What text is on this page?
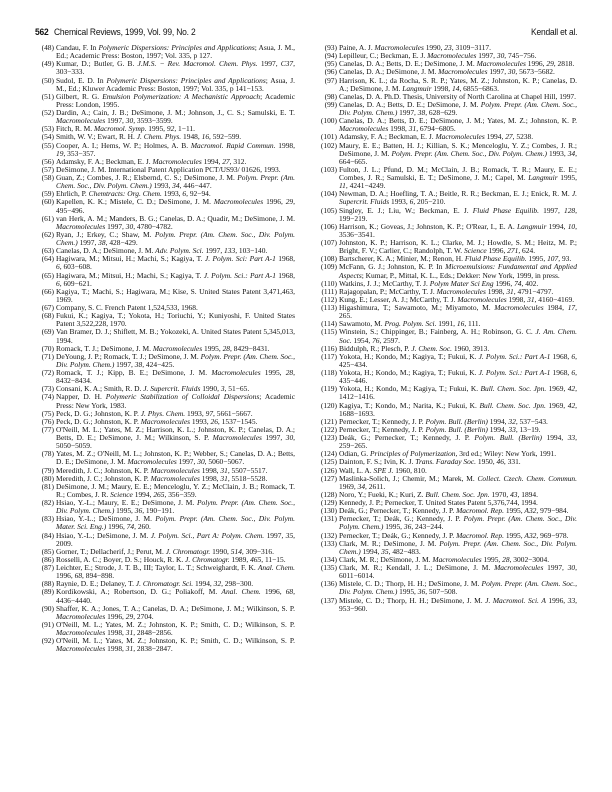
562 Chemical Reviews, 1999, Vol. 99, No. 2	Kendall et al.
(48) Candau, F. In Polymeric Dispersions: Principles and Applications; Asua, J. M., Ed.; Academic Press: Boston, 1997; Vol. 335, p 127.
(49) Kumar, D.; Butler, G. B. J.M.S. − Rev. Macromol. Chem. Phys. 1997, C37, 303−333.
(50) Sudol, E. D. In Polymeric Dispersions: Principles and Applications; Asua, J. M., Ed.; Kluwer Academic Press: Boston, 1997; Vol. 335, p 141−153.
(51) Gilbert, R. G. Emulsion Polymerization: A Mechanistic Approach; Academic Press: London, 1995.
(52) Dardin, A.; Cain, J. B.; DeSimone, J. M.; Johnson, J., C. S.; Samulski, E. T. Macromolecules 1997, 30, 3593−3599.
(53) Fitch, R. M. Macromol. Symp. 1995, 92, 1−11.
(54) Smith, W. V.; Ewart, R. H. J. Chem. Phys. 1948, 16, 592−599.
(55) Cooper, A. I.; Hems, W. P.; Holmes, A. B. Macromol. Rapid Commun. 1998, 19, 353−357.
(56) Adamsky, F. A.; Beckman, E. J. Macromolecules 1994, 27, 312.
(57) DeSimone, J. M. International Patent Application PCT/US93/ 01626, 1993.
(58) Guan, Z.; Combes, J. R.; Elsbernd, C. S.; DeSimone, J. M. Polym. Prepr. (Am. Chem. Soc., Div. Polym. Chem.) 1993, 34, 446−447.
(59) Ehrlich, P. Chemtracts: Org. Chem. 1993, 6, 92−94.
(60) Kapellen, K. K.; Mistele, C. D.; DeSimone, J. M. Macromolecules 1996, 29, 495−496.
(61) van Herk, A. M.; Manders, B. G.; Canelas, D. A.; Quadir, M.; DeSimone, J. M. Macromolecules 1997, 30, 4780−4782.
(62) Ryan, J.; Erkey, C.; Shaw, M. Polym. Prepr. (Am. Chem. Soc., Div. Polym. Chem.) 1997, 38, 428−429.
(63) Canelas, D. A.; DeSimone, J. M. Adv. Polym. Sci. 1997, 133, 103−140.
(64) Hagiwara, M.; Mitsui, H.; Machi, S.; Kagiya, T. J. Polym. Sci: Part A-1 1968, 6, 603−608.
(65) Hagiwara, M.; Mitsui, H.; Machi, S.; Kagiya, T. J. Polym. Sci.: Part A-1 1968, 6, 609−621.
(66) Kagiya, T.; Machi, S.; Hagiwara, M.; Kise, S. United States Patent 3,471,463, 1969.
(67) Company, S. C. French Patent 1,524,533, 1968.
(68) Fukui, K.; Kagiya, T.; Yokota, H.; Toriuchi, Y.; Kuniyoshi, F. United States Patent 3,522,228, 1970.
(69) Van Bramer, D. J.; Shiflett, M. B.; Yokozeki, A. United States Patent 5,345,013, 1994.
(70) Romack, T. J.; DeSimone, J. M. Macromolecules 1995, 28, 8429−8431.
(71) DeYoung, J. P.; Romack, T. J.; DeSimone, J. M. Polym. Prepr. (Am. Chem. Soc., Div. Polym. Chem.) 1997, 38, 424−425.
(72) Romack, T. J.; Kipp, B. E.; DeSimone, J. M. Macromolecules 1995, 28, 8432−8434.
(73) Consani, K. A.; Smith, R. D. J. Supercrit. Fluids 1990, 3, 51−65.
(74) Napper, D. H. Polymeric Stabilization of Colloidal Dispersions; Academic Press: New York, 1983.
(75) Peck, D. G.; Johnston, K. P. J. Phys. Chem. 1993, 97, 5661−5667.
(76) Peck, D. G.; Johnston, K. P. Macromolecules 1993, 26, 1537−1545.
(77) O'Neill, M. L.; Yates, M. Z.; Harrison, K. L.; Johnston, K. P.; Canelas, D. A.; Betts, D. E.; DeSimone, J. M.; Wilkinson, S. P. Macromolecules 1997, 30, 5050−5059.
(78) Yates, M. Z.; O'Neill, M. L.; Johnston, K. P.; Webber, S.; Canelas, D. A.; Betts, D. E.; DeSimone, J. M. Macromolecules 1997, 30, 5060−5067.
(79) Meredith, J. C.; Johnston, K. P. Macromolecules 1998, 31, 5507−5517.
(80) Meredith, J. C.; Johnston, K. P. Macromolecules 1998, 31, 5518−5528.
(81) DeSimone, J. M.; Maury, E. E.; Menceloglu, Y. Z.; McClain, J. B.; Romack, T. R.; Combes, J. R. Science 1994, 265, 356−359.
(82) Hsiao, Y.-L.; Maury, E. E.; DeSimone, J. M. Polym. Prepr. (Am. Chem. Soc., Div. Polym. Chem.) 1995, 36, 190−191.
(83) Hsiao, Y.-L.; DeSimone, J. M. Polym. Prepr. (Am. Chem. Soc., Div. Polym. Mater. Sci. Eng.) 1996, 74, 260.
(84) Hsiao, Y.-L.; DeSimone, J. M. J. Polym. Sci., Part A: Polym. Chem. 1997, 35, 2009.
(85) Gorner, T.; Dellacherif, J.; Perut, M. J. Chromatogr. 1990, 514, 309−316.
(86) Rosselli, A. C.; Boyer, D. S.; Houck, R. K. J. Chromatogr. 1989, 465, 11−15.
(87) Leichter, E.; Strode, J. T. B., III; Taylor, L. T.; Schweighardt, F. K. Anal. Chem. 1996, 68, 894−898.
(88) Raynie, D. E.; Delaney, T. J. Chromatogr. Sci. 1994, 32, 298−300.
(89) Kordikowski, A.; Robertson, D. G.; Poliakoff, M. Anal. Chem. 1996, 68, 4436−4440.
(90) Shaffer, K. A.; Jones, T. A.; Canelas, D. A.; DeSimone, J. M.; Wilkinson, S. P. Macromolecules 1996, 29, 2704.
(91) O'Neill, M. L.; Yates, M. Z.; Johnston, K. P.; Smith, C. D.; Wilkinson, S. P. Macromolecules 1998, 31, 2848−2856.
(92) O'Neill, M. L.; Yates, M. Z.; Johnston, K. P.; Smith, C. D.; Wilkinson, S. P. Macromolecules 1998, 31, 2838−2847.
(93) Paine, A. J. Macromolecules 1990, 23, 3109−3117.
(94) Lepilleur, C.; Beckman, E. J. Macromolecules 1997, 30, 745−756.
(95) Canelas, D. A.; Betts, D. E.; DeSimone, J. M. Macromolecules 1996, 29, 2818.
(96) Canelas, D. A.; DeSimone, J. M. Macromolecules 1997, 30, 5673−5682.
(97) Harrison, K. L.; da Rocha, S. R. P.; Yates, M. Z.; Johnston, K. P.; Canelas, D. A.; DeSimone, J. M. Langmuir 1998, 14, 6855−6863.
(98) Canelas, D. A. Ph.D. Thesis, University of North Carolina at Chapel Hill, 1997.
(99) Canelas, D. A.; Betts, D. E.; DeSimone, J. M. Polym. Prepr. (Am. Chem. Soc., Div. Polym. Chem.) 1997, 38, 628−629.
(100) Canelas, D. A.; Betts, D. E.; DeSimone, J. M.; Yates, M. Z.; Johnston, K. P. Macromolecules 1998, 31, 6794−6805.
(101) Adamsky, F. A.; Beckman, E. J. Macromolecules 1994, 27, 5238.
(102) Maury, E. E.; Batten, H. J.; Killian, S. K.; Menceloglu, Y. Z.; Combes, J. R.; DeSimone, J. M. Polym. Prepr. (Am. Chem. Soc., Div. Polym. Chem.) 1993, 34, 664−665.
(103) Fulton, J. L.; Pfund, D. M.; McClain, J. B.; Romack, T. R.; Maury, E. E.; Combes, J. R.; Samulski, E. T.; DeSimone, J. M.; Capel, M. Langmuir 1995, 11, 4241−4249.
(104) Newman, D. A.; Hoefling, T. A.; Beitle, R. R.; Beckman, E. J.; Enick, R. M. J. Supercrit. Fluids 1993, 6, 205−210.
(105) Singley, E. J.; Liu, W.; Beckman, E. J. Fluid Phase Equilib. 1997, 128, 199−219.
(106) Harrison, K.; Goveas, J.; Johnston, K. P.; O'Rear, I., E. A. Langmuir 1994, 10, 3536−3541.
(107) Johnston, K. P.; Harrison, K. L.; Clarke, M. J.; Howdle, S. M.; Heitz, M. P.; Bright, F. V.; Carlier, C.; Randolph, T. W. Science 1996, 271, 624.
(108) Bartscherer, K. A.; Minier, M.; Renon, H. Fluid Phase Equilib. 1995, 107, 93.
(109) McFann, G. J.; Johnston, K. P. In Microemulsions: Fundamental and Applied Aspects; Kumar, P., Mittal, K. L., Eds.; Dekker: New York, 1999, in press.
(110) Watkins, J. J.; McCarthy, T. J. Polym Mater Sci Eng 1996, 74, 402.
(111) Rajagopalan, P.; McCarthy, T. J. Macromolecules 1998, 31, 4791−4797.
(112) Kung, E.; Lesser, A. J.; McCarthy, T. J. Macromolecules 1998, 31, 4160−4169.
(113) Higashimura, T.; Sawamoto, M.; Miyamoto, M. Macromolecules 1984, 17, 265.
(114) Sawamoto, M. Prog. Polym. Sci. 1991, 16, 111.
(115) Winstein, S.; Chippinger, B.; Fainberg, A. H.; Robinson, G. C. J. Am. Chem. Soc. 1954, 76, 2597.
(116) Biddulph, R.; Plesch, P. J. Chem. Soc. 1960, 3913.
(117) Yokota, H.; Kondo, M.; Kagiya, T.; Fukui, K. J. Polym. Sci.: Part A-1 1968, 6, 425−434.
(118) Yokota, H.; Kondo, M.; Kagiya, T.; Fukui, K. J. Polym. Sci.: Part A-1 1968, 6, 435−446.
(119) Yokota, H.; Kondo, M.; Kagiya, T.; Fukui, K. Bull. Chem. Soc. Jpn. 1969, 42, 1412−1416.
(120) Kagiya, T.; Kondo, M.; Narita, K.; Fukui, K. Bull. Chem. Soc. Jpn. 1969, 42, 1688−1693.
(121) Pernecker, T.; Kennedy, J. P. Polym. Bull. (Berlin) 1994, 32, 537−543.
(122) Pernecker, T.; Kennedy, J. P. Polym. Bull. (Berlin) 1994, 33, 13−19.
(123) Deák, G.; Pernecker, T.; Kennedy, J. P. Polym. Bull. (Berlin) 1994, 33, 259−265.
(124) Odian, G. Principles of Polymerization, 3rd ed.; Wiley: New York, 1991.
(125) Dainton, F. S.; Ivin, K. J. Trans. Faraday Soc. 1950, 46, 331.
(126) Wall, L. A. SPE J. 1960, 810.
(127) Maslinka-Solich, J.; Chemir, M.; Marek, M. Collect. Czech. Chem. Commun. 1969, 34, 2611.
(128) Noro, Y.; Fueki, K.; Kuri, Z. Bull. Chem. Soc. Jpn. 1970, 43, 1894.
(129) Kennedy, J. P.; Pernecker, T. United States Patent 5,376,744, 1994.
(130) Deák, G.; Pernecker, T.; Kennedy, J. P. Macromol. Rep. 1995, A32, 979−984.
(131) Pernecker, T.; Deák, G.; Kennedy, J. P. Polym. Prepr. (Am. Chem. Soc., Div. Polym. Chem.) 1995, 36, 243−244.
(132) Pernecker, T.; Deák, G.; Kennedy, J. P. Macromol. Rep. 1995, A32, 969−978.
(133) Clark, M. R.; DeSimone, J. M. Polym. Prepr. (Am. Chem. Soc., Div. Polym. Chem.) 1994, 35, 482−483.
(134) Clark, M. R.; DeSimone, J. M. Macromolecules 1995, 28, 3002−3004.
(135) Clark, M. R.; Kendall, J. L.; DeSimone, J. M. Macromolecules 1997, 30, 6011−6014.
(136) Mistele, C. D.; Thorp, H. H.; DeSimone, J. M. Polym. Prepr. (Am. Chem. Soc., Div. Polym. Chem.) 1995, 36, 507−508.
(137) Mistele, C. D.; Thorp, H. H.; DeSimone, J. M. J. Macromol. Sci. A 1996, 33, 953−960.
